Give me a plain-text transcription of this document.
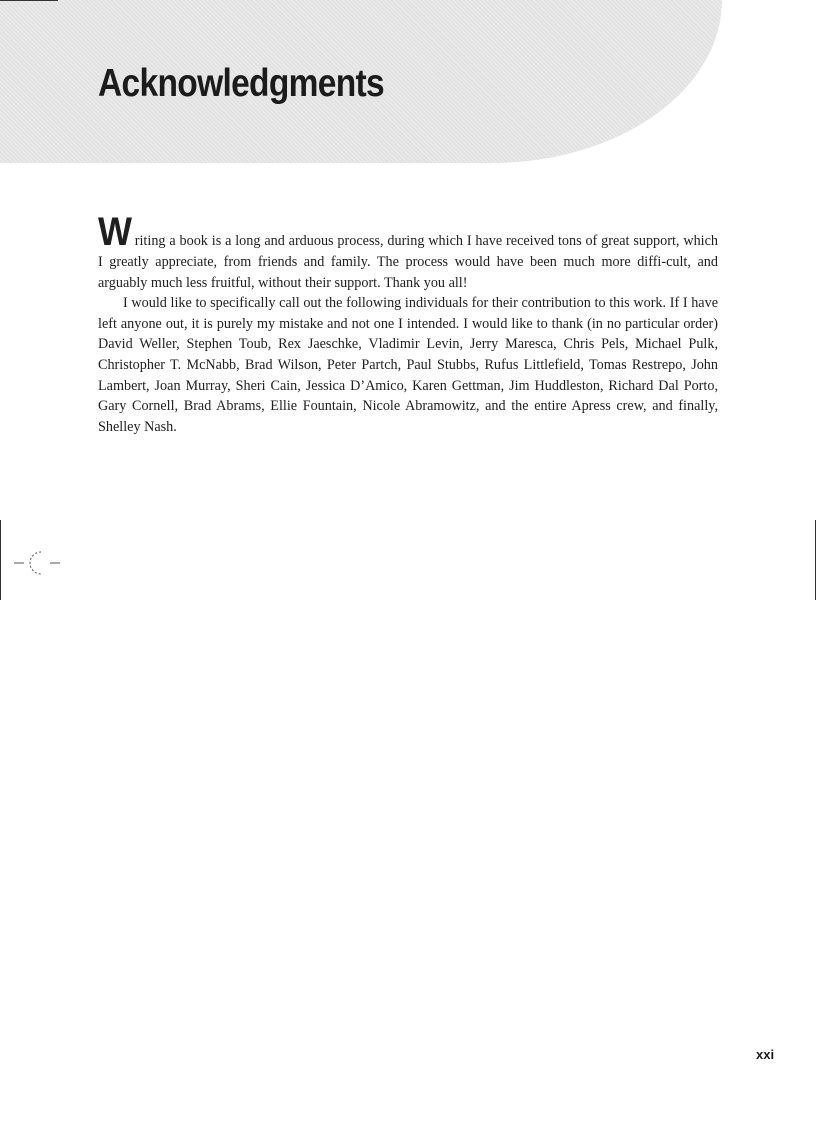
Acknowledgments

Writing a book is a long and arduous process, during which I have received tons of great support, which I greatly appreciate, from friends and family. The process would have been much more diffi-cult, and arguably much less fruitful, without their support. Thank you all!

I would like to specifically call out the following individuals for their contribution to this work. If I have left anyone out, it is purely my mistake and not one I intended. I would like to thank (in no particular order) David Weller, Stephen Toub, Rex Jaeschke, Vladimir Levin, Jerry Maresca, Chris Pels, Michael Pulk, Christopher T. McNabb, Brad Wilson, Peter Partch, Paul Stubbs, Rufus Littlefield, Tomas Restrepo, John Lambert, Joan Murray, Sheri Cain, Jessica D’Amico, Karen Gettman, Jim Huddleston, Richard Dal Porto, Gary Cornell, Brad Abrams, Ellie Fountain, Nicole Abramowitz, and the entire Apress crew, and finally, Shelley Nash.

xxi
